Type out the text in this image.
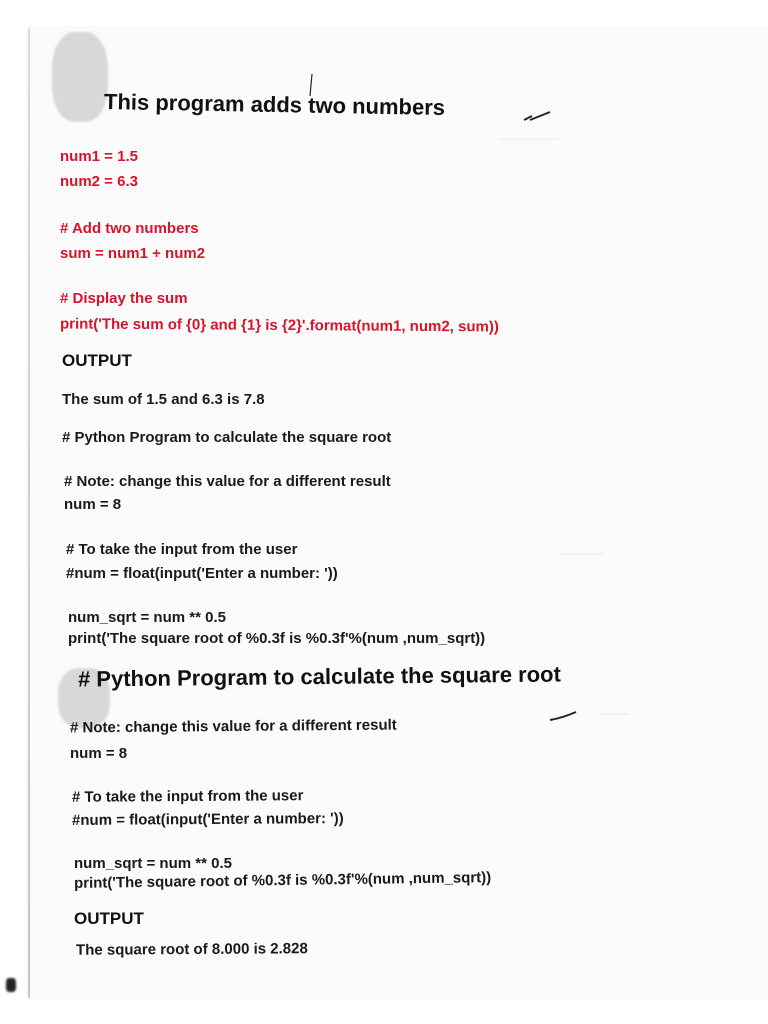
________
______
____
This program adds two numbers
num1 = 1.5
num2 = 6.3
# Add two numbers
sum = num1 + num2
# Display the sum
print('The sum of {0} and {1} is {2}'.format(num1, num2, sum))
OUTPUT
The sum of 1.5 and 6.3 is 7.8
# Python Program to calculate the square root
# Note: change this value for a different result
num = 8
# To take the input from the user
#num = float(input('Enter a number: '))
num_sqrt = num ** 0.5
print('The square root of %0.3f is %0.3f'%(num ,num_sqrt))
# Python Program to calculate the square root
# Note: change this value for a different result
num = 8
# To take the input from the user
#num = float(input('Enter a number: '))
num_sqrt = num ** 0.5
print('The square root of %0.3f is %0.3f'%(num ,num_sqrt))
OUTPUT
The square root of 8.000 is 2.828
